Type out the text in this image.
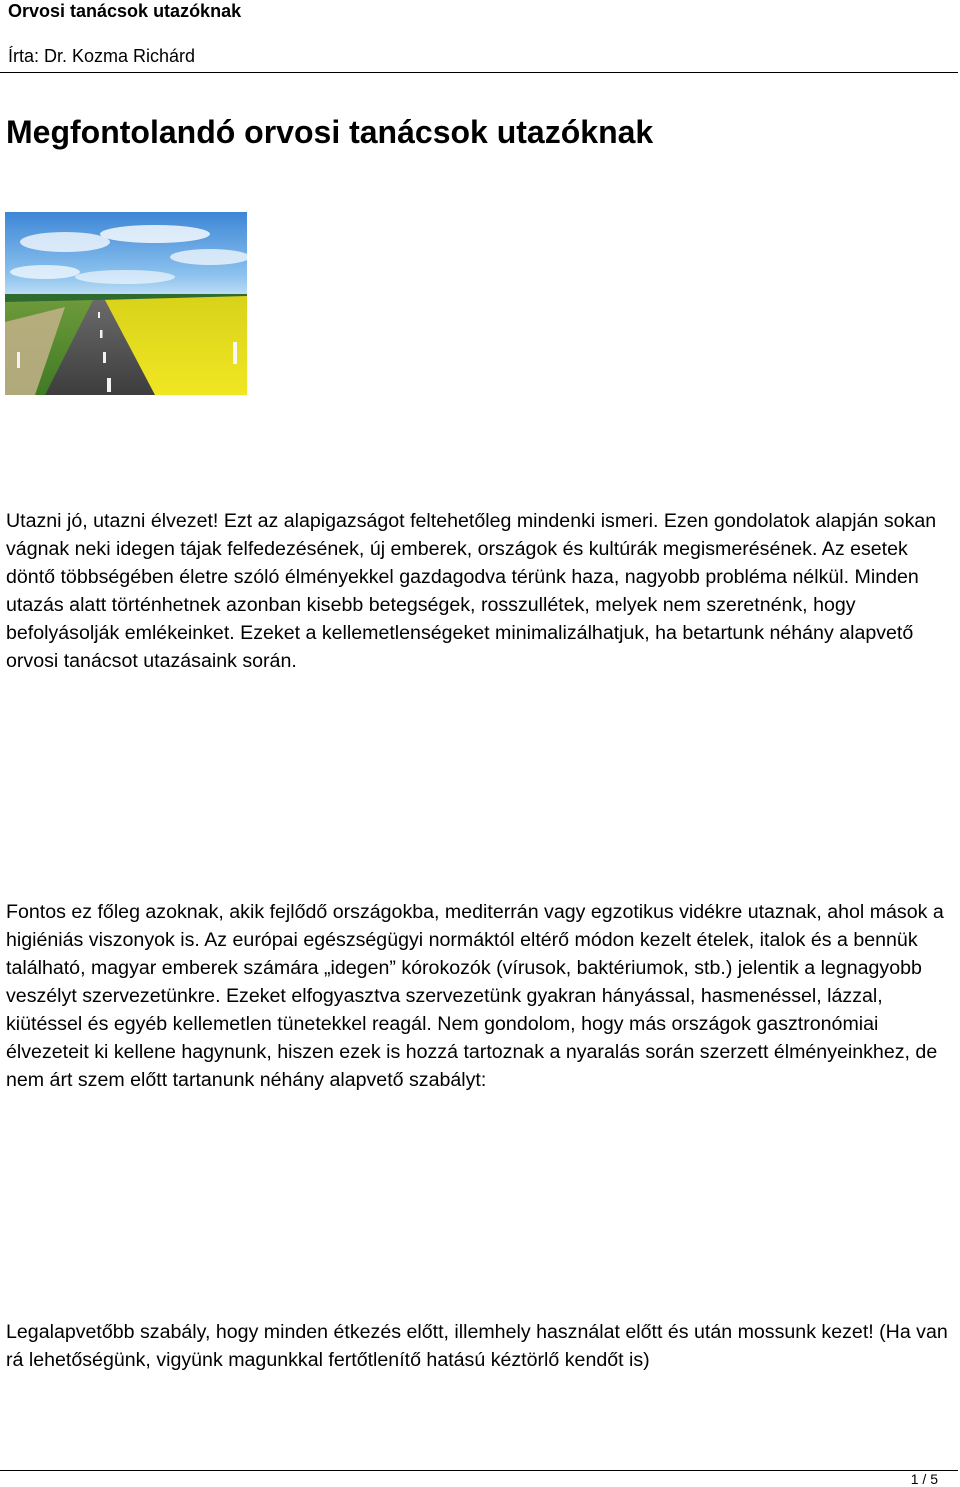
Orvosi tanácsok utazóknak
Írta: Dr. Kozma Richárd
Megfontolandó orvosi tanácsok utazóknak

Utazni jó, utazni élvezet! Ezt az alapigazságot feltehetőleg mindenki ismeri. Ezen gondolatok alapján sokan vágnak neki idegen tájak felfedezésének, új emberek, országok és kultúrák megismerésének. Az esetek döntő többségében életre szóló élményekkel gazdagodva térünk haza, nagyobb probléma nélkül. Minden utazás alatt történhetnek azonban kisebb betegségek, rosszullétek, melyek nem szeretnénk, hogy befolyásolják emlékeinket. Ezeket a kellemetlenségeket minimalizálhatjuk, ha betartunk néhány alapvető orvosi tanácsot utazásaink során.

Fontos ez főleg azoknak, akik fejlődő országokba, mediterrán vagy egzotikus vidékre utaznak, ahol mások a higiéniás viszonyok is. Az európai egészségügyi normáktól eltérő módon kezelt ételek, italok és a bennük található, magyar emberek számára „idegen” kórokozók (vírusok, baktériumok, stb.) jelentik a legnagyobb veszélyt szervezetünkre. Ezeket elfogyasztva szervezetünk gyakran hányással, hasmenéssel, lázzal, kiütéssel és egyéb kellemetlen tünetekkel reagál. Nem gondolom, hogy más országok gasztronómiai élvezeteit ki kellene hagynunk, hiszen ezek is hozzá tartoznak a nyaralás során szerzett élményeinkhez, de nem árt szem előtt tartanunk néhány alapvető szabályt:

Legalapvetőbb szabály, hogy minden étkezés előtt, illemhely használat előtt és után mossunk kezet! (Ha van rá lehetőségünk, vigyünk magunkkal fertőtlenítő hatású kéztörlő kendőt is)

1 / 5
